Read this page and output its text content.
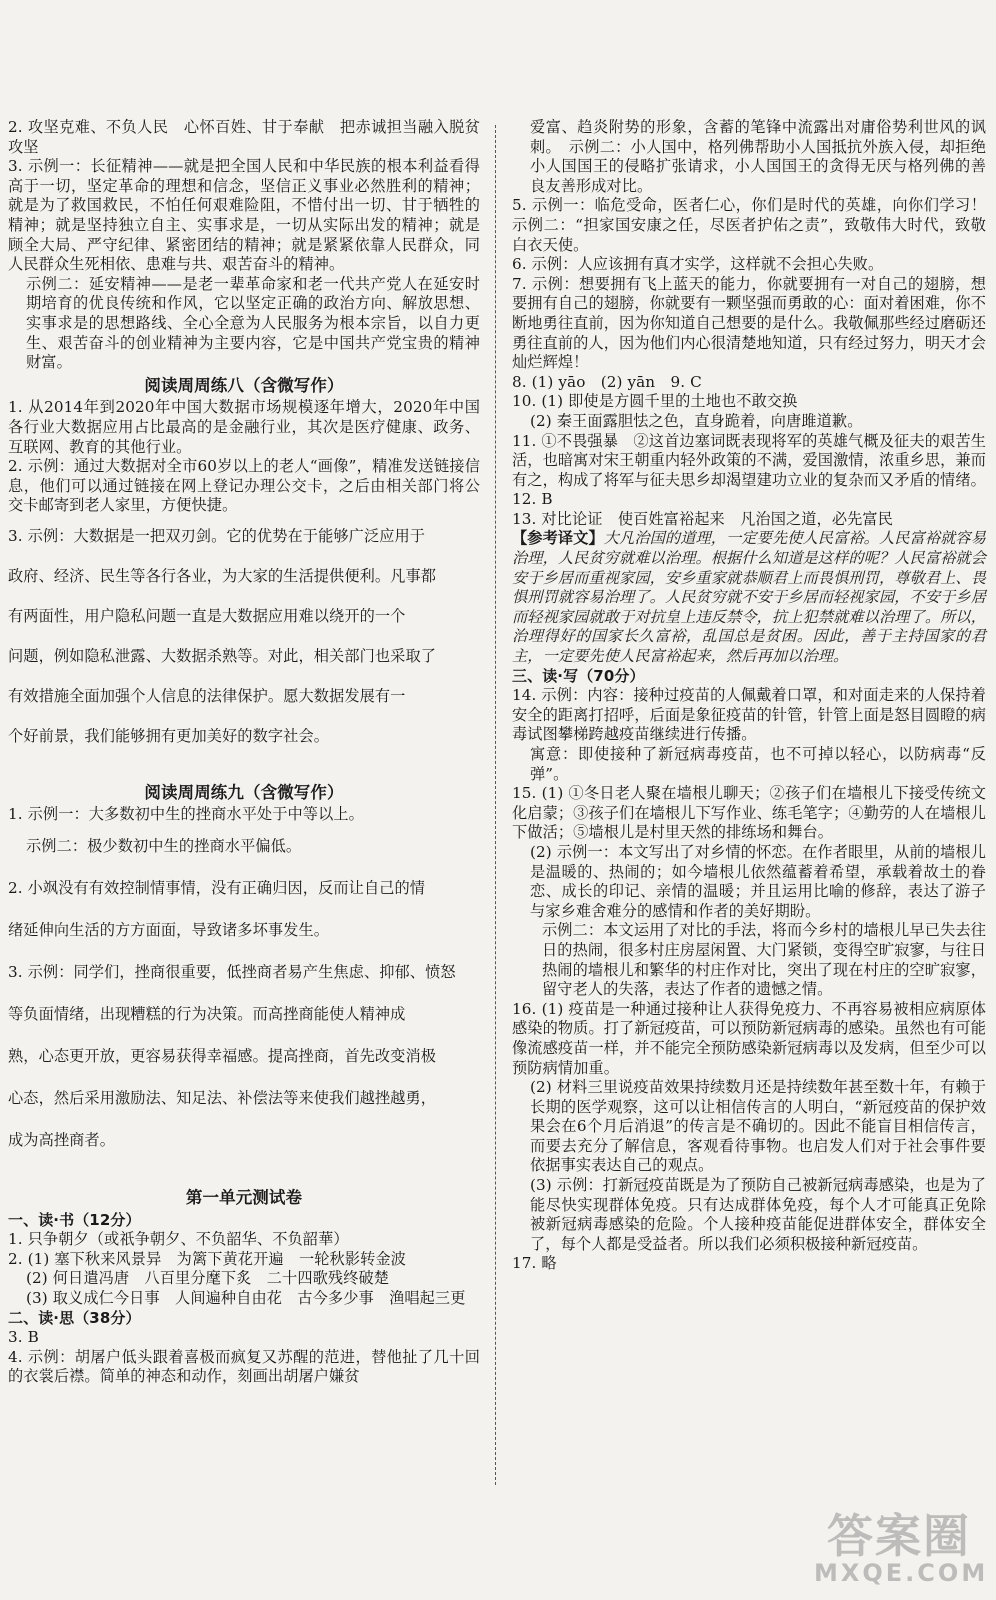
2. 攻坚克难、不负人民　心怀百姓、甘于奉献　把赤诚担当融入脱贫攻坚

3. 示例一：长征精神——就是把全国人民和中华民族的根本利益看得高于一切，坚定革命的理想和信念，坚信正义事业必然胜利的精神；就是为了救国救民，不怕任何艰难险阻，不惜付出一切、甘于牺牲的精神；就是坚持独立自主、实事求是，一切从实际出发的精神；就是顾全大局、严守纪律、紧密团结的精神；就是紧紧依靠人民群众，同人民群众生死相依、患难与共、艰苦奋斗的精神。

示例二：延安精神——是老一辈革命家和老一代共产党人在延安时期培育的优良传统和作风，它以坚定正确的政治方向、解放思想、实事求是的思想路线、全心全意为人民服务为根本宗旨，以自力更生、艰苦奋斗的创业精神为主要内容，它是中国共产党宝贵的精神财富。

阅读周周练八（含微写作）

1. 从2014年到2020年中国大数据市场规模逐年增大，2020年中国各行业大数据应用占比最高的是金融行业，其次是医疗健康、政务、互联网、教育的其他行业。

2. 示例：通过大数据对全市60岁以上的老人“画像”，精准发送链接信息，他们可以通过链接在网上登记办理公交卡，之后由相关部门将公交卡邮寄到老人家里，方便快捷。

3. 示例：大数据是一把双刃剑。它的优势在于能够广泛应用于

政府、经济、民生等各行各业，为大家的生活提供便利。凡事都

有两面性，用户隐私问题一直是大数据应用难以绕开的一个

问题，例如隐私泄露、大数据杀熟等。对此，相关部门也采取了

有效措施全面加强个人信息的法律保护。愿大数据发展有一

个好前景，我们能够拥有更加美好的数字社会。

阅读周周练九（含微写作）

1. 示例一：大多数初中生的挫商水平处于中等以上。

示例二：极少数初中生的挫商水平偏低。

2. 小飒没有有效控制情事情，没有正确归因，反而让自己的情

绪延伸向生活的方方面面，导致诸多坏事发生。

3. 示例：同学们，挫商很重要，低挫商者易产生焦虑、抑郁、愤怒

等负面情绪，出现糟糕的行为决策。而高挫商能使人精神成

熟，心态更开放，更容易获得幸福感。提高挫商，首先改变消极

心态，然后采用激励法、知足法、补偿法等来使我们越挫越勇，

成为高挫商者。

第一单元测试卷

一、读·书（12分）

1. 只争朝夕（或祇争朝夕、不负韶华、不负韶華）

2. (1) 塞下秋来风景异　为篱下黄花开遍　一轮秋影转金波

(2) 何日遣冯唐　八百里分麾下炙　二十四歌残终破楚

(3) 取义成仁今日事　人间遍种自由花　古今多少事　渔唱起三更

二、读·思（38分）

3. B

4. 示例：胡屠户低头跟着喜极而疯复又苏醒的范进，替他扯了几十回的衣裳后襟。简单的神态和动作，刻画出胡屠户嫌贫

爱富、趋炎附势的形象，含蓄的笔锋中流露出对庸俗势利世风的讽刺。　示例二：小人国中，格列佛帮助小人国抵抗外族入侵，却拒绝小人国国王的侵略扩张请求，小人国国王的贪得无厌与格列佛的善良友善形成对比。

5. 示例一：临危受命，医者仁心，你们是时代的英雄，向你们学习！示例二：“担家国安康之任，尽医者护佑之责”，致敬伟大时代，致敬白衣天使。

6. 示例：人应该拥有真才实学，这样就不会担心失败。

7. 示例：想要拥有飞上蓝天的能力，你就要拥有一对自己的翅膀，想要拥有自己的翅膀，你就要有一颗坚强而勇敢的心：面对着困难，你不断地勇往直前，因为你知道自己想要的是什么。我敬佩那些经过磨砺还勇往直前的人，因为他们内心很清楚地知道，只有经过努力，明天才会灿烂辉煌！

8. (1) yāo　(2) yān　9. C

10. (1) 即使是方圆千里的土地也不敢交换

(2) 秦王面露胆怯之色，直身跪着，向唐雎道歉。

11. ①不畏强暴　②这首边塞词既表现将军的英雄气概及征夫的艰苦生活，也暗寓对宋王朝重内轻外政策的不满，爱国激情，浓重乡思，兼而有之，构成了将军与征夫思乡却渴望建功立业的复杂而又矛盾的情绪。

12. B

13. 对比论证　使百姓富裕起来　凡治国之道，必先富民

【参考译文】大凡治国的道理，一定要先使人民富裕。人民富裕就容易治理，人民贫穷就难以治理。根据什么知道是这样的呢？人民富裕就会安于乡居而重视家园，安乡重家就恭顺君上而畏惧刑罚，尊敬君上、畏惧刑罚就容易治理了。人民贫穷就不安于乡居而轻视家园，不安于乡居而轻视家园就敢于对抗皇上违反禁令，抗上犯禁就难以治理了。所以，治理得好的国家长久富裕，乱国总是贫困。因此，善于主持国家的君主，一定要先使人民富裕起来，然后再加以治理。

三、读·写（70分）

14. 示例：内容：接种过疫苗的人佩戴着口罩，和对面走来的人保持着安全的距离打招呼，后面是象征疫苗的针管，针管上面是怒目圆瞪的病毒试图攀梯跨越疫苗继续进行传播。

寓意：即使接种了新冠病毒疫苗，也不可掉以轻心，以防病毒“反弹”。

15. (1) ①冬日老人聚在墙根儿聊天；②孩子们在墙根儿下接受传统文化启蒙；③孩子们在墙根儿下写作业、练毛笔字；④勤劳的人在墙根儿下做活；⑤墙根儿是村里天然的排练场和舞台。

(2) 示例一：本文写出了对乡情的怀恋。在作者眼里，从前的墙根儿是温暖的、热闹的；如今墙根儿依然蕴蓄着希望，承载着故土的眷恋、成长的印记、亲情的温暖；并且运用比喻的修辞，表达了游子与家乡难舍难分的感情和作者的美好期盼。

示例二：本文运用了对比的手法，将而今乡村的墙根儿早已失去往日的热闹，很多村庄房屋闲置、大门紧锁，变得空旷寂寥，与往日热闹的墙根儿和繁华的村庄作对比，突出了现在村庄的空旷寂寥，留守老人的失落，表达了作者的遗憾之情。

16. (1) 疫苗是一种通过接种让人获得免疫力、不再容易被相应病原体感染的物质。打了新冠疫苗，可以预防新冠病毒的感染。虽然也有可能像流感疫苗一样，并不能完全预防感染新冠病毒以及发病，但至少可以预防病情加重。

(2) 材料三里说疫苗效果持续数月还是持续数年甚至数十年，有赖于长期的医学观察，这可以让相信传言的人明白，“新冠疫苗的保护效果会在6个月后消退”的传言是不确切的。因此不能盲目相信传言，而要去充分了解信息，客观看待事物。也启发人们对于社会事件要依据事实表达自己的观点。

(3) 示例：打新冠疫苗既是为了预防自己被新冠病毒感染，也是为了能尽快实现群体免疫。只有达成群体免疫，每个人才可能真正免除被新冠病毒感染的危险。个人接种疫苗能促进群体安全，群体安全了，每个人都是受益者。所以我们必须积极接种新冠疫苗。

17. 略

答案圈
MXQE.COM
